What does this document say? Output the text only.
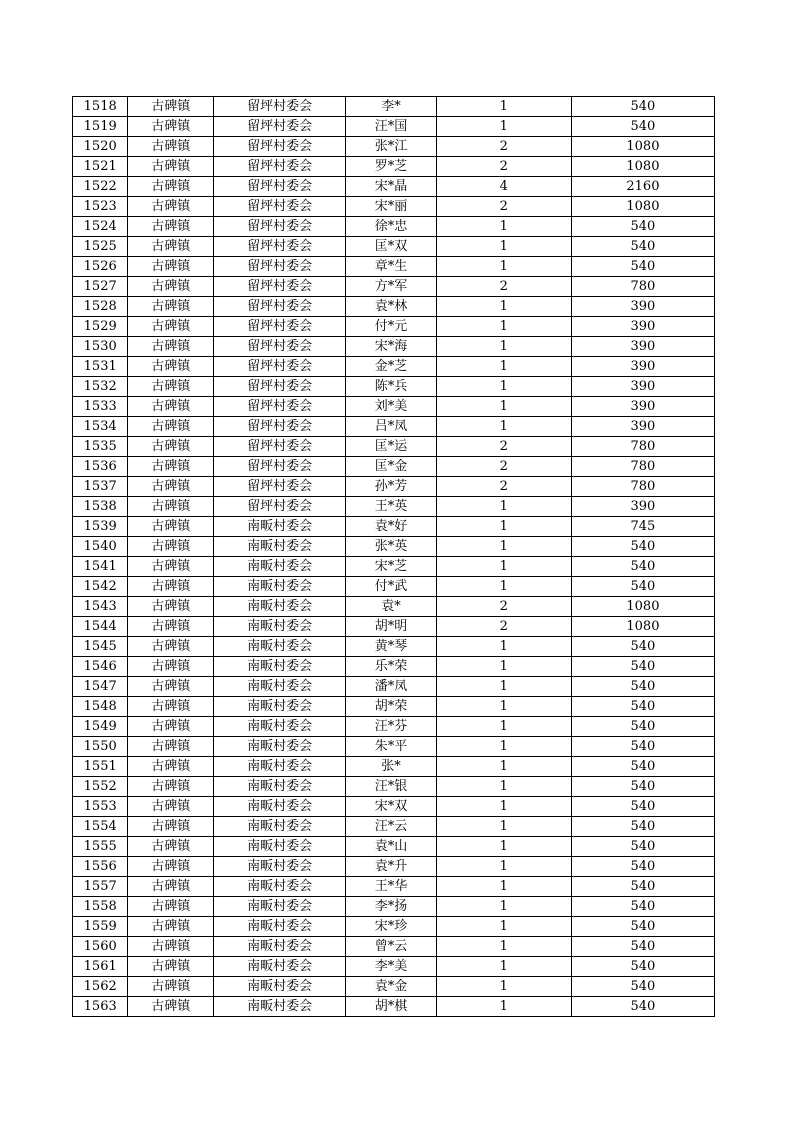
1518	古碑镇	留坪村委会	李*	1	540
1519	古碑镇	留坪村委会	汪*国	1	540
1520	古碑镇	留坪村委会	张*江	2	1080
1521	古碑镇	留坪村委会	罗*芝	2	1080
1522	古碑镇	留坪村委会	宋*晶	4	2160
1523	古碑镇	留坪村委会	宋*丽	2	1080
1524	古碑镇	留坪村委会	徐*忠	1	540
1525	古碑镇	留坪村委会	匡*双	1	540
1526	古碑镇	留坪村委会	章*生	1	540
1527	古碑镇	留坪村委会	方*军	2	780
1528	古碑镇	留坪村委会	袁*林	1	390
1529	古碑镇	留坪村委会	付*元	1	390
1530	古碑镇	留坪村委会	宋*海	1	390
1531	古碑镇	留坪村委会	金*芝	1	390
1532	古碑镇	留坪村委会	陈*兵	1	390
1533	古碑镇	留坪村委会	刘*美	1	390
1534	古碑镇	留坪村委会	吕*凤	1	390
1535	古碑镇	留坪村委会	匡*运	2	780
1536	古碑镇	留坪村委会	匡*金	2	780
1537	古碑镇	留坪村委会	孙*芳	2	780
1538	古碑镇	留坪村委会	王*英	1	390
1539	古碑镇	南畈村委会	袁*好	1	745
1540	古碑镇	南畈村委会	张*英	1	540
1541	古碑镇	南畈村委会	宋*芝	1	540
1542	古碑镇	南畈村委会	付*武	1	540
1543	古碑镇	南畈村委会	袁*	2	1080
1544	古碑镇	南畈村委会	胡*明	2	1080
1545	古碑镇	南畈村委会	黄*琴	1	540
1546	古碑镇	南畈村委会	乐*荣	1	540
1547	古碑镇	南畈村委会	潘*凤	1	540
1548	古碑镇	南畈村委会	胡*荣	1	540
1549	古碑镇	南畈村委会	汪*芬	1	540
1550	古碑镇	南畈村委会	朱*平	1	540
1551	古碑镇	南畈村委会	张*	1	540
1552	古碑镇	南畈村委会	汪*银	1	540
1553	古碑镇	南畈村委会	宋*双	1	540
1554	古碑镇	南畈村委会	汪*云	1	540
1555	古碑镇	南畈村委会	袁*山	1	540
1556	古碑镇	南畈村委会	袁*升	1	540
1557	古碑镇	南畈村委会	王*华	1	540
1558	古碑镇	南畈村委会	李*扬	1	540
1559	古碑镇	南畈村委会	宋*珍	1	540
1560	古碑镇	南畈村委会	曾*云	1	540
1561	古碑镇	南畈村委会	李*美	1	540
1562	古碑镇	南畈村委会	袁*金	1	540
1563	古碑镇	南畈村委会	胡*棋	1	540
